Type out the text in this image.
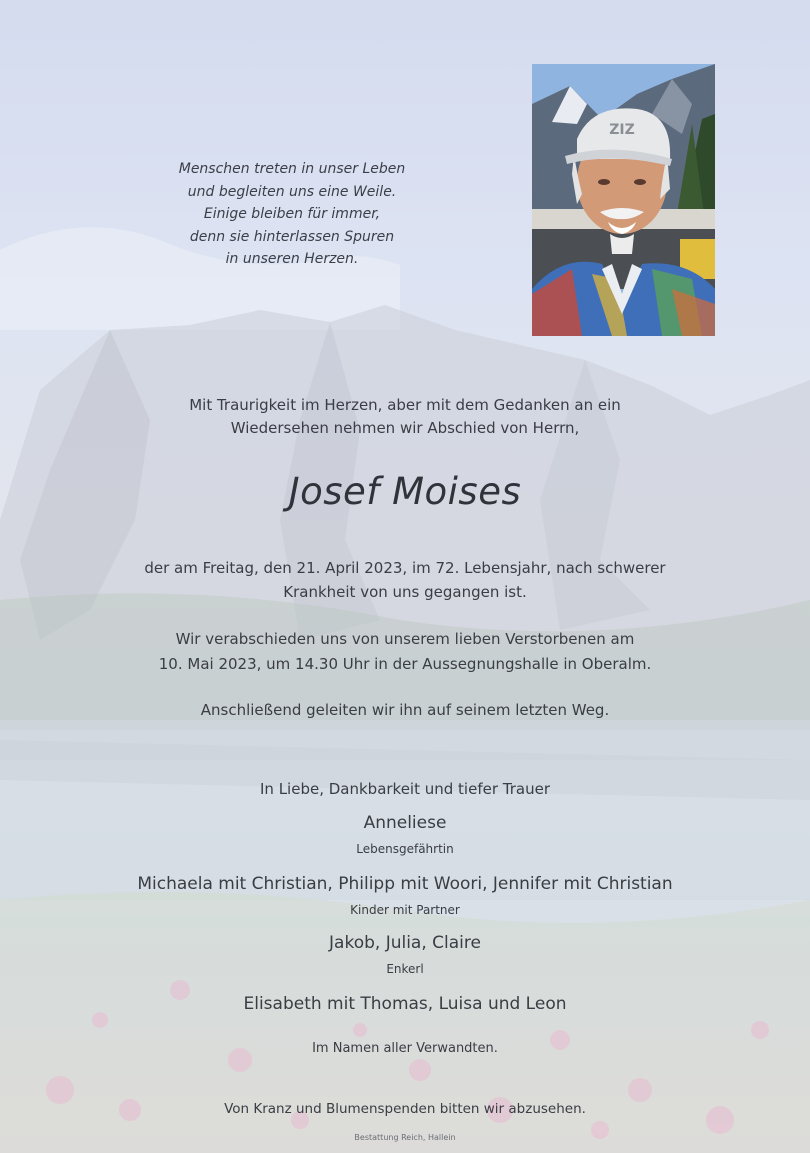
Menschen treten in unser Leben
und begleiten uns eine Weile.
Einige bleiben für immer,
denn sie hinterlassen Spuren
in unseren Herzen.
ZIZ
Mit Traurigkeit im Herzen, aber mit dem Gedanken an ein
Wiedersehen nehmen wir Abschied von Herrn,
Josef Moises
der am Freitag, den 21. April 2023, im 72. Lebensjahr, nach schwerer
Krankheit von uns gegangen ist.
Wir verabschieden uns von unserem lieben Verstorbenen am
10. Mai 2023, um 14.30 Uhr in der Aussegnungshalle in Oberalm.
Anschließend geleiten wir ihn auf seinem letzten Weg.
In Liebe, Dankbarkeit und tiefer Trauer
Anneliese
Lebensgefährtin
Michaela mit Christian, Philipp mit Woori, Jennifer mit Christian
Kinder mit Partner
Jakob, Julia, Claire
Enkerl
Elisabeth mit Thomas, Luisa und Leon
Im Namen aller Verwandten.
Von Kranz und Blumenspenden bitten wir abzusehen.
Bestattung Reich, Hallein
